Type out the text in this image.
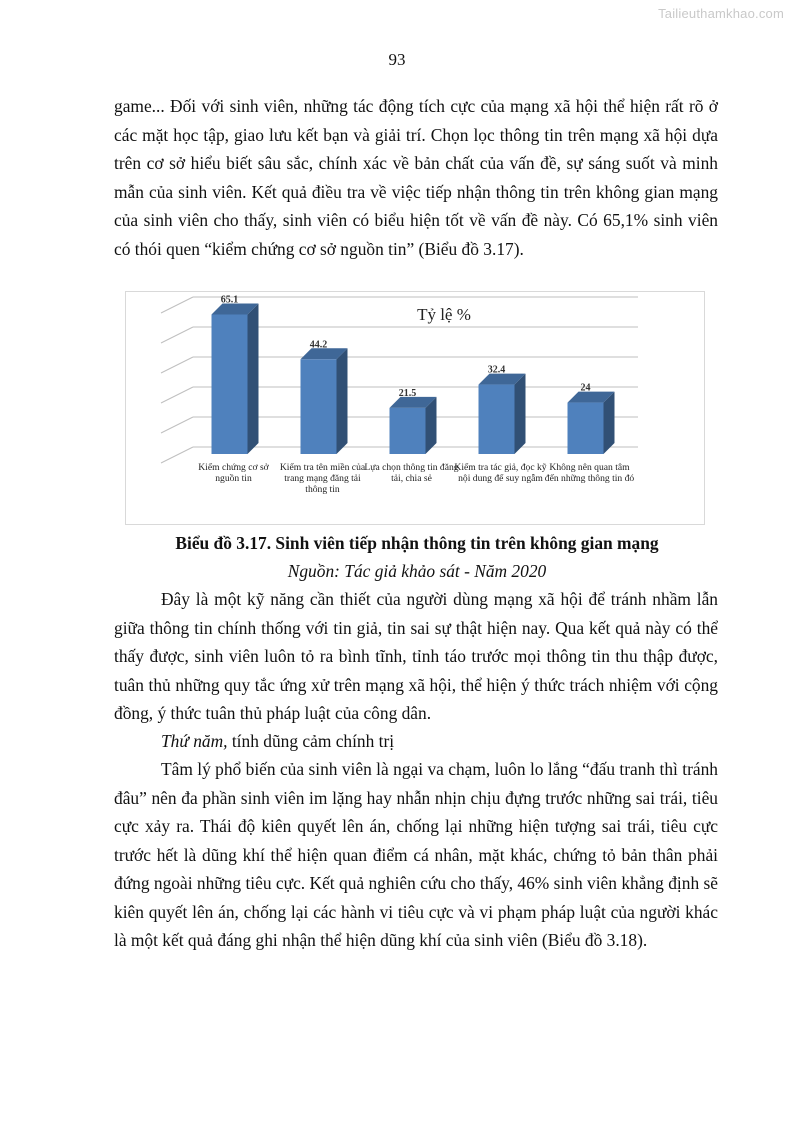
Tailieuthamkhao.com
93

game... Đối với sinh viên, những tác động tích cực của mạng xã hội thể hiện rất rõ ở các mặt học tập, giao lưu kết bạn và giải trí. Chọn lọc thông tin trên mạng xã hội dựa trên cơ sở hiểu biết sâu sắc, chính xác về bản chất của vấn đề, sự sáng suốt và minh mẫn của sinh viên. Kết quả điều tra về việc tiếp nhận thông tin trên không gian mạng của sinh viên cho thấy, sinh viên có biểu hiện tốt về vấn đề này. Có 65,1% sinh viên có thói quen “kiểm chứng cơ sở nguồn tin” (Biểu đồ 3.17).

Tỷ lệ %
65.1
44.2
21.5
32.4
24
Kiểm chứng cơ sở nguồn tin
Kiểm tra tên miền của trang mạng đăng tải thông tin
Lựa chọn thông tin đăng tải, chia sẻ
Kiểm tra tác giả, đọc kỹ nội dung để suy ngẫm
Không nên quan tâm đến những thông tin đó

Biểu đồ 3.17. Sinh viên tiếp nhận thông tin trên không gian mạng

Nguồn: Tác giả khảo sát - Năm 2020

Đây là một kỹ năng cần thiết của người dùng mạng xã hội để tránh nhầm lẫn giữa thông tin chính thống với tin giả, tin sai sự thật hiện nay. Qua kết quả này có thể thấy được, sinh viên luôn tỏ ra bình tĩnh, tỉnh táo trước mọi thông tin thu thập được, tuân thủ những quy tắc ứng xử trên mạng xã hội, thể hiện ý thức trách nhiệm với cộng đồng, ý thức tuân thủ pháp luật của công dân.

Thứ năm, tính dũng cảm chính trị

Tâm lý phổ biến của sinh viên là ngại va chạm, luôn lo lắng “đấu tranh thì tránh đâu” nên đa phần sinh viên im lặng hay nhẫn nhịn chịu đựng trước những sai trái, tiêu cực xảy ra. Thái độ kiên quyết lên án, chống lại những hiện tượng sai trái, tiêu cực trước hết là dũng khí thể hiện quan điểm cá nhân, mặt khác, chứng tỏ bản thân phải đứng ngoài những tiêu cực. Kết quả nghiên cứu cho thấy, 46% sinh viên khẳng định sẽ kiên quyết lên án, chống lại các hành vi tiêu cực và vi phạm pháp luật của người khác là một kết quả đáng ghi nhận thể hiện dũng khí của sinh viên (Biểu đồ 3.18).
